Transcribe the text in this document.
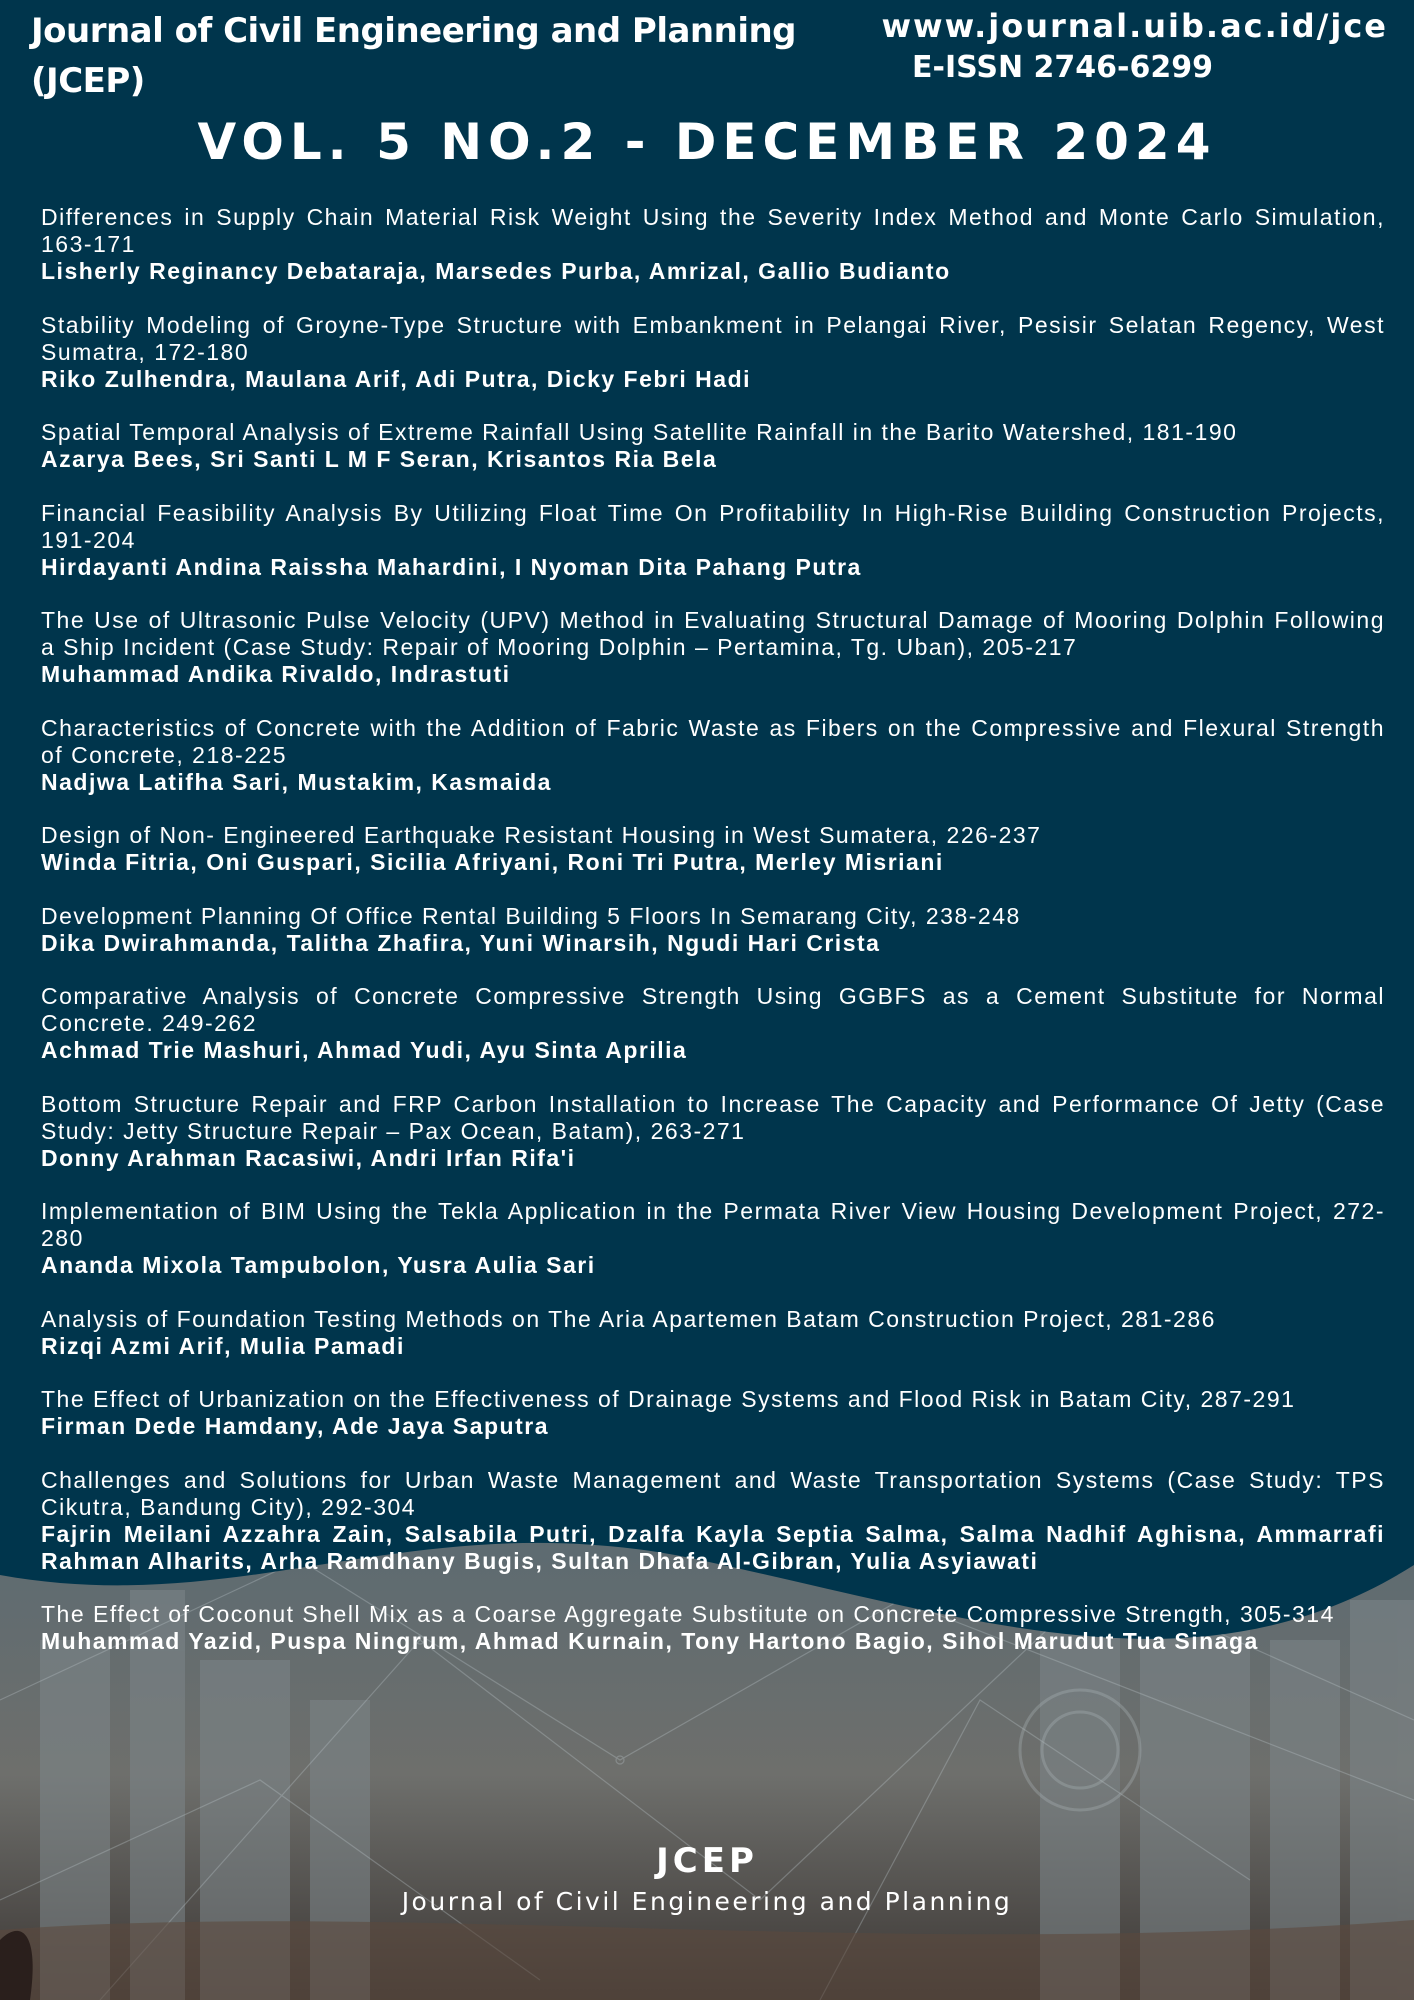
Journal of Civil Engineering and Planning (JCEP)
www.journal.uib.ac.id/jce
E-ISSN 2746-6299
VOL. 5 NO.2 - DECEMBER 2024
Differences in Supply Chain Material Risk Weight Using the Severity Index Method and Monte Carlo Simulation, 163-171
Lisherly Reginancy Debataraja, Marsedes Purba, Amrizal, Gallio Budianto
Stability Modeling of Groyne-Type Structure with Embankment in Pelangai River, Pesisir Selatan Regency, West Sumatra, 172-180
Riko Zulhendra, Maulana Arif, Adi Putra, Dicky Febri Hadi
Spatial Temporal Analysis of Extreme Rainfall Using Satellite Rainfall in the Barito Watershed, 181-190
Azarya Bees, Sri Santi L M F Seran, Krisantos Ria Bela
Financial Feasibility Analysis By Utilizing Float Time On Profitability In High-Rise Building Construction Projects, 191-204
Hirdayanti Andina Raissha Mahardini, I Nyoman Dita Pahang Putra
The Use of Ultrasonic Pulse Velocity (UPV) Method in Evaluating Structural Damage of Mooring Dolphin Following a Ship Incident (Case Study: Repair of Mooring Dolphin – Pertamina, Tg. Uban), 205-217
Muhammad Andika Rivaldo, Indrastuti
Characteristics of Concrete with the Addition of Fabric Waste as Fibers on the Compressive and Flexural Strength of Concrete, 218-225
Nadjwa Latifha Sari, Mustakim, Kasmaida
Design of Non- Engineered Earthquake Resistant Housing in West Sumatera, 226-237
Winda Fitria, Oni Guspari, Sicilia Afriyani, Roni Tri Putra, Merley Misriani
Development Planning Of Office Rental Building 5 Floors In Semarang City, 238-248
Dika Dwirahmanda, Talitha Zhafira, Yuni Winarsih, Ngudi Hari Crista
Comparative Analysis of Concrete Compressive Strength Using GGBFS as a Cement Substitute for Normal Concrete. 249-262
Achmad Trie Mashuri, Ahmad Yudi, Ayu Sinta Aprilia
Bottom Structure Repair and FRP Carbon Installation to Increase The Capacity and Performance Of Jetty (Case Study: Jetty Structure Repair – Pax Ocean, Batam), 263-271
Donny Arahman Racasiwi, Andri Irfan Rifa'i
Implementation of BIM Using the Tekla Application in the Permata River View Housing Development Project, 272-280
Ananda Mixola Tampubolon, Yusra Aulia Sari
Analysis of Foundation Testing Methods on The Aria Apartemen Batam Construction Project, 281-286
Rizqi Azmi Arif, Mulia Pamadi
The Effect of Urbanization on the Effectiveness of Drainage Systems and Flood Risk in Batam City, 287-291
Firman Dede Hamdany, Ade Jaya Saputra
Challenges and Solutions for Urban Waste Management and Waste Transportation Systems (Case Study: TPS Cikutra, Bandung City), 292-304
Fajrin Meilani Azzahra Zain, Salsabila Putri, Dzalfa Kayla Septia Salma, Salma Nadhif Aghisna, Ammarrafi Rahman Alharits, Arha Ramdhany Bugis, Sultan Dhafa Al-Gibran, Yulia Asyiawati
The Effect of Coconut Shell Mix as a Coarse Aggregate Substitute on Concrete Compressive Strength, 305-314
Muhammad Yazid, Puspa Ningrum, Ahmad Kurnain, Tony Hartono Bagio, Sihol Marudut Tua Sinaga
JCEP
Journal of Civil Engineering and Planning
